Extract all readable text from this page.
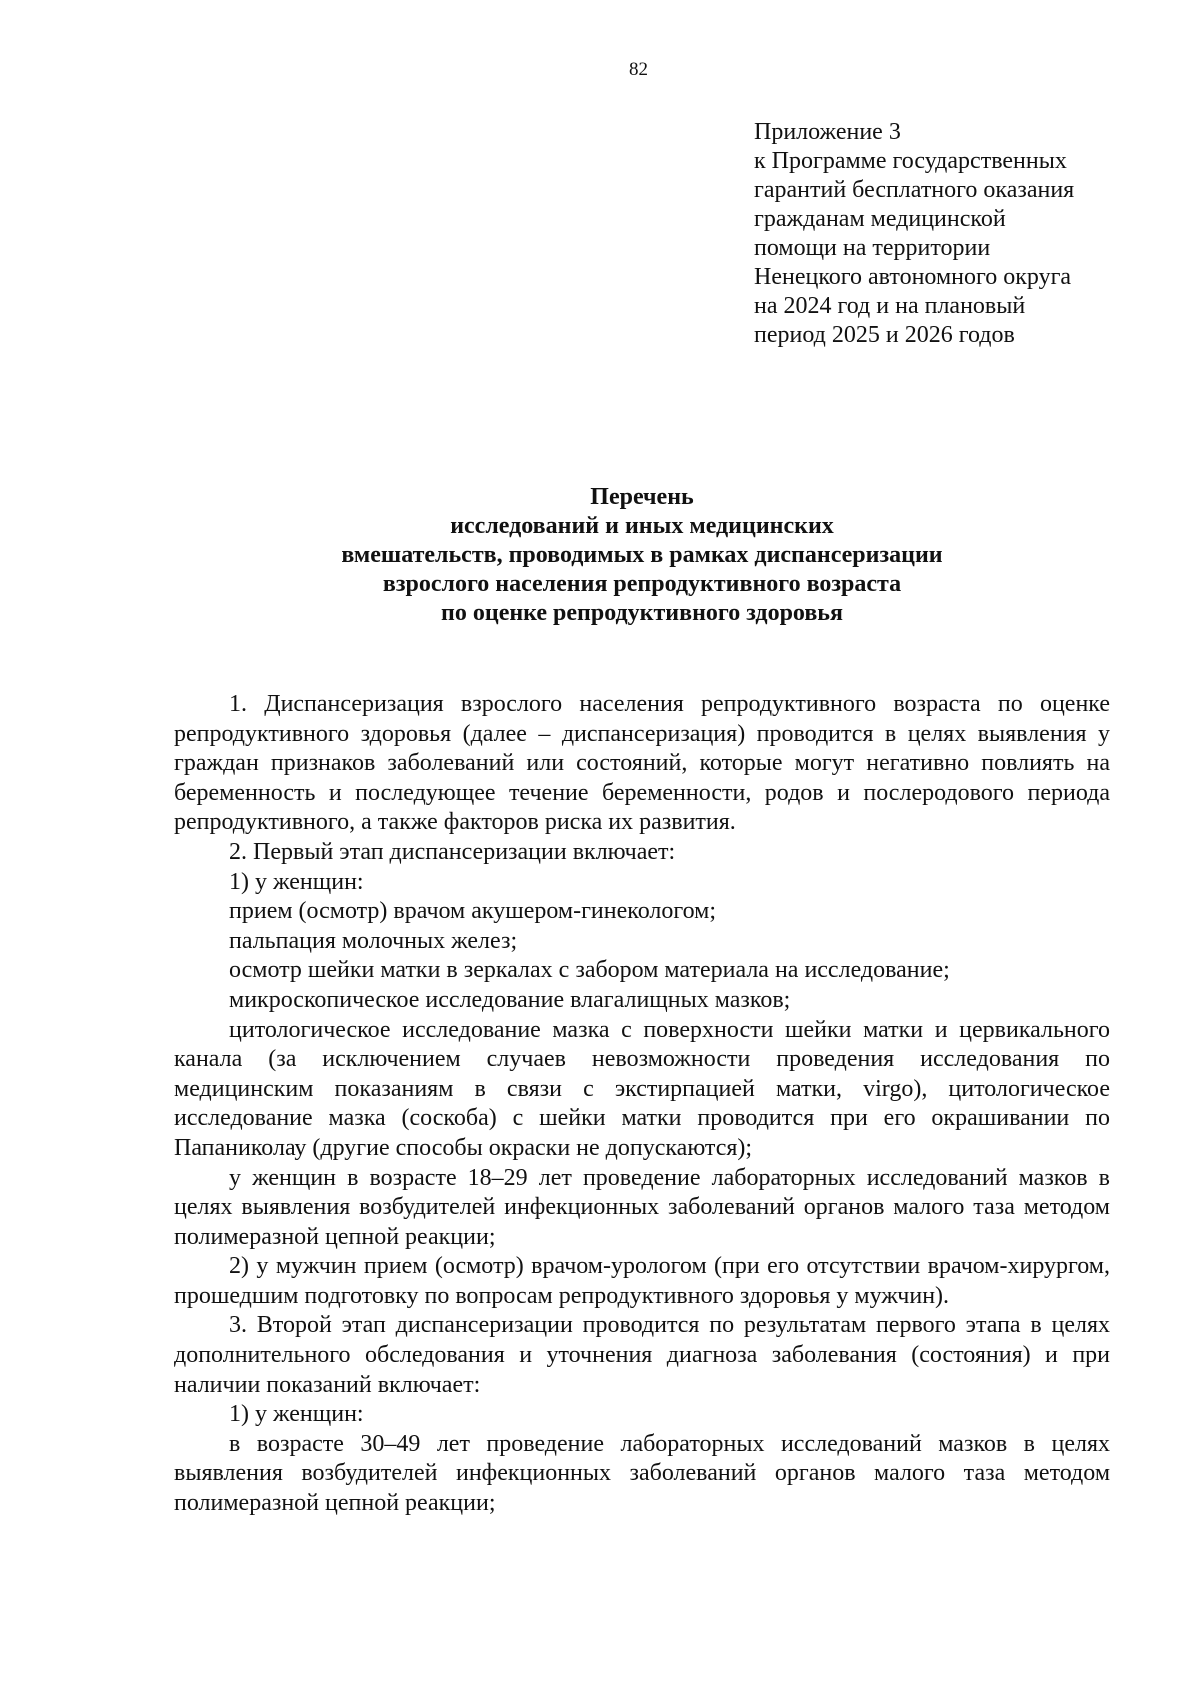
82
Приложение 3
к Программе государственных
гарантий бесплатного оказания
гражданам медицинской
помощи на территории
Ненецкого автономного округа
на 2024 год и на плановый
период 2025 и 2026 годов
Перечень
исследований и иных медицинских
вмешательств, проводимых в рамках диспансеризации
взрослого населения репродуктивного возраста
по оценке репродуктивного здоровья

1. Диспансеризация взрослого населения репродуктивного возраста по оценке репродуктивного здоровья (далее – диспансеризация) проводится в целях выявления у граждан признаков заболеваний или состояний, которые могут негативно повлиять на беременность и последующее течение беременности, родов и послеродового периода репродуктивного, а также факторов риска их развития.

2. Первый этап диспансеризации включает:

1) у женщин:

прием (осмотр) врачом акушером-гинекологом;

пальпация молочных желез;

осмотр шейки матки в зеркалах с забором материала на исследование;

микроскопическое исследование влагалищных мазков;

цитологическое исследование мазка с поверхности шейки матки и цервикального канала (за исключением случаев невозможности проведения исследования по медицинским показаниям в связи с экстирпацией матки, virgo), цитологическое исследование мазка (соскоба) с шейки матки проводится при его окрашивании по Папаниколау (другие способы окраски не допускаются);

у женщин в возрасте 18–29 лет проведение лабораторных исследований мазков в целях выявления возбудителей инфекционных заболеваний органов малого таза методом полимеразной цепной реакции;

2) у мужчин прием (осмотр) врачом-урологом (при его отсутствии врачом-хирургом, прошедшим подготовку по вопросам репродуктивного здоровья у мужчин).

3. Второй этап диспансеризации проводится по результатам первого этапа в целях дополнительного обследования и уточнения диагноза заболевания (состояния) и при наличии показаний включает:

1) у женщин:

в возрасте 30–49 лет проведение лабораторных исследований мазков в целях выявления возбудителей инфекционных заболеваний органов малого таза методом полимеразной цепной реакции;
